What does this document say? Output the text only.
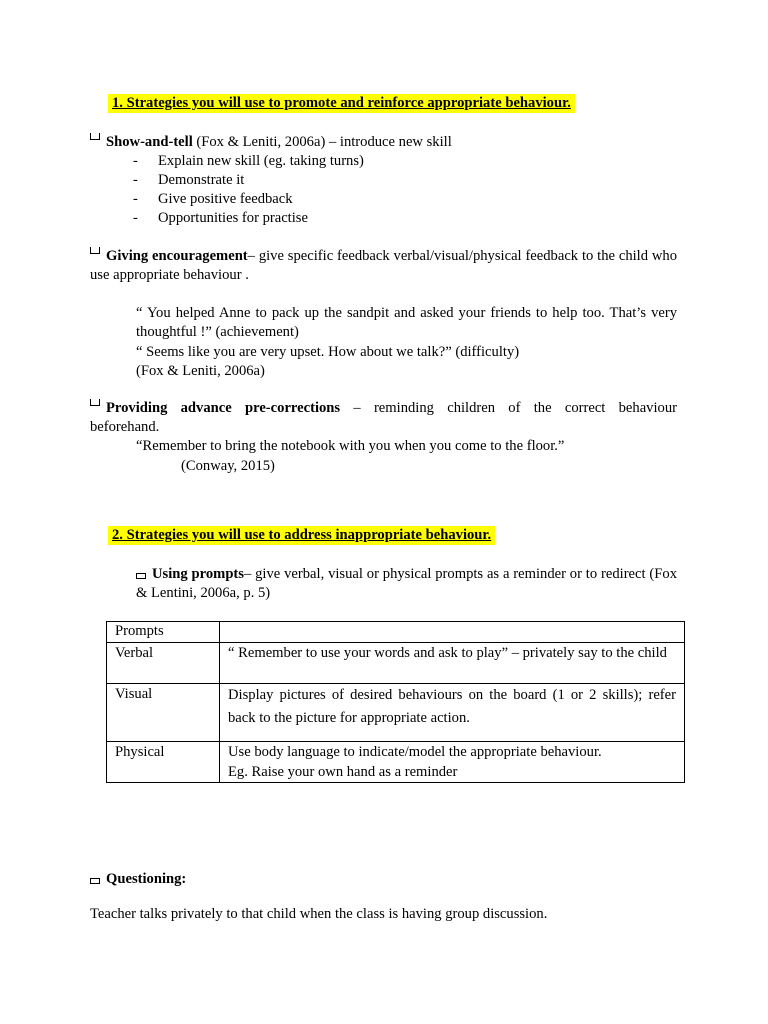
1. Strategies you will use to promote and reinforce appropriate behaviour.
Show-and-tell (Fox & Leniti, 2006a) – introduce new skill
- Explain new skill (eg. taking turns)
- Demonstrate it
- Give positive feedback
- Opportunities for practise
Giving encouragement– give specific feedback verbal/visual/physical feedback to the child who use appropriate behaviour .
“ You helped Anne to pack up the sandpit and asked your friends to help too. That’s very thoughtful !” (achievement)
“ Seems like you are very upset. How about we talk?” (difficulty)
(Fox & Leniti, 2006a)
Providing advance pre-corrections – reminding children of the correct behaviour beforehand.
“Remember to bring the notebook with you when you come to the floor.”
(Conway, 2015)
2. Strategies you will use to address inappropriate behaviour.
Using prompts– give verbal, visual or physical prompts as a reminder or to redirect (Fox & Lentini, 2006a, p. 5)
Prompts	
Verbal	“ Remember to use your words and ask to play” – privately say to the child
Visual	Display pictures of desired behaviours on the board (1 or 2 skills); refer back to the picture for appropriate action.
Physical	Use body language to indicate/model the appropriate behaviour.
Eg. Raise your own hand as a reminder
Questioning:
Teacher talks privately to that child when the class is having group discussion.
